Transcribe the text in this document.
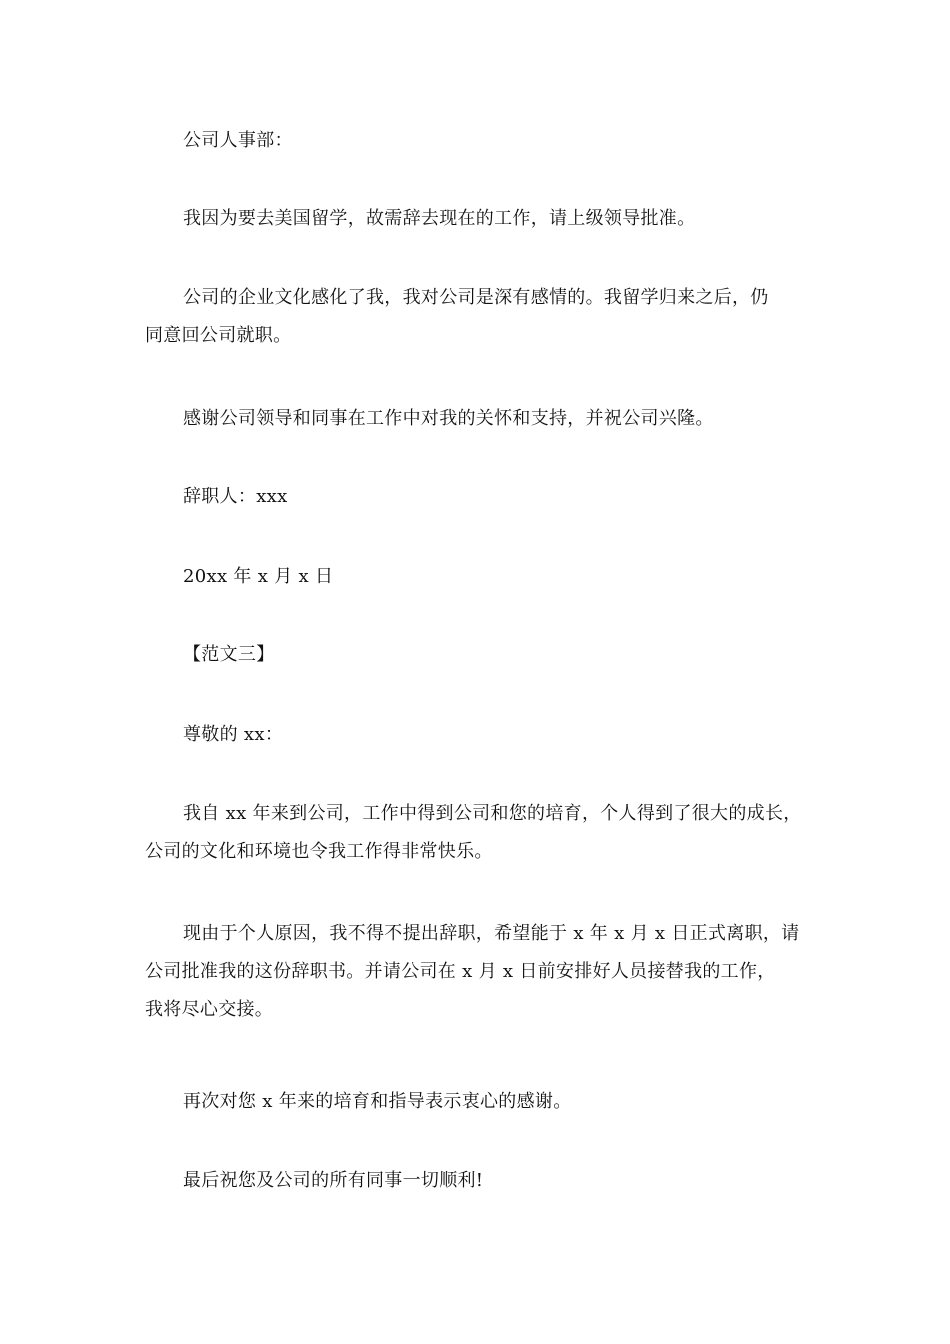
公司人事部：
我因为要去美国留学，故需辞去现在的工作，请上级领导批准。
公司的企业文化感化了我，我对公司是深有感情的。我留学归来之后，仍
同意回公司就职。
感谢公司领导和同事在工作中对我的关怀和支持，并祝公司兴隆。
辞职人：xxx
20xx 年 x 月 x 日
【范文三】
尊敬的 xx：
我自 xx 年来到公司，工作中得到公司和您的培育，个人得到了很大的成长，
公司的文化和环境也令我工作得非常快乐。
现由于个人原因，我不得不提出辞职，希望能于 x 年 x 月 x 日正式离职，请
公司批准我的这份辞职书。并请公司在 x 月 x 日前安排好人员接替我的工作，
我将尽心交接。
再次对您 x 年来的培育和指导表示衷心的感谢。
最后祝您及公司的所有同事一切顺利!
